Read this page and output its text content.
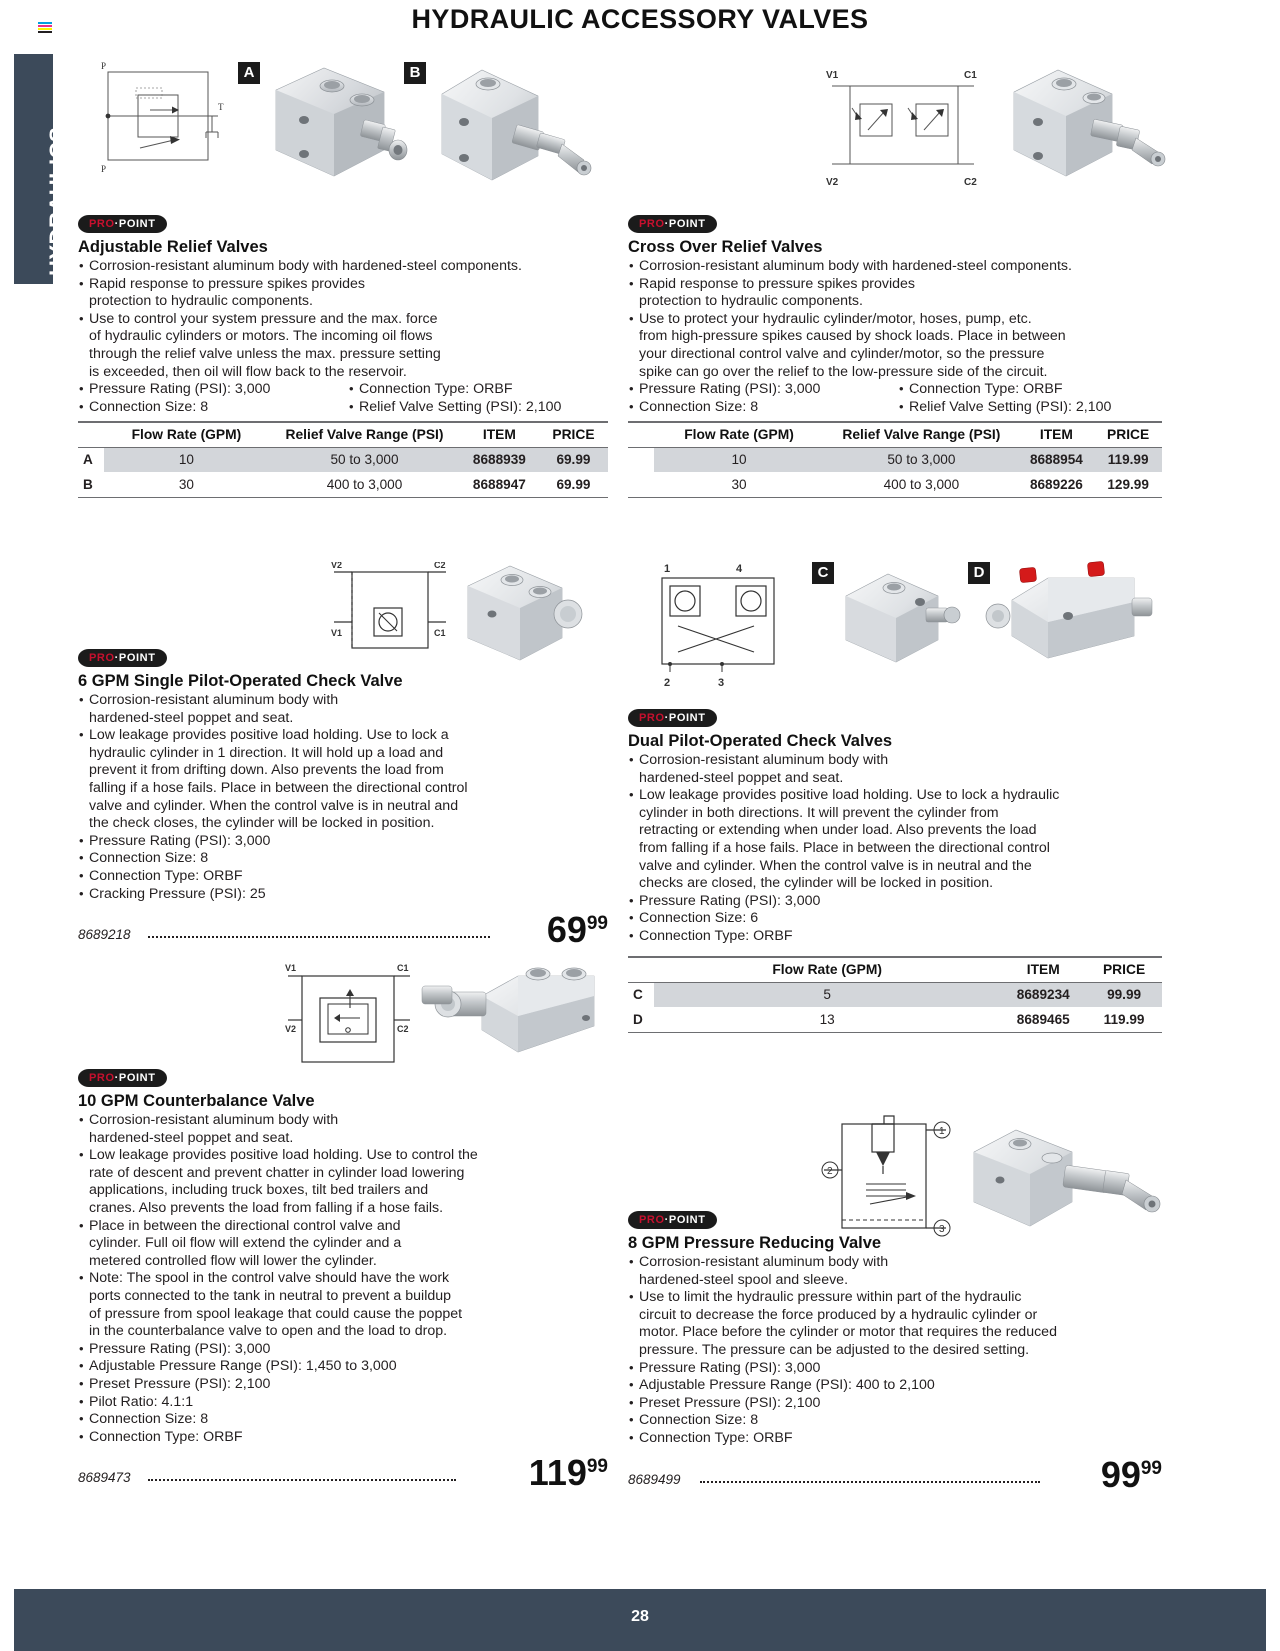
HYDRAULIC ACCESSORY VALVES
HYDRAULICS
P
P
T
A	B
PRO·POINT
Adjustable Relief Valves
• Corrosion-resistant aluminum body with hardened-steel components.
• Rapid response to pressure spikes provides
protection to hydraulic components.
• Use to control your system pressure and the max. force
of hydraulic cylinders or motors. The incoming oil flows
through the relief valve unless the max. pressure setting
is exceeded, then oil will flow back to the reservoir.
• Pressure Rating (PSI): 3,000
• Connection Size: 8
• Connection Type: ORBF
• Relief Valve Setting (PSI): 2,100
	Flow Rate (GPM)	Relief Valve Range (PSI)	ITEM	PRICE
A	10	50 to 3,000	8688939	69.99
B	30	400 to 3,000	8688947	69.99
V1	C1
V2	C2
PRO·POINT
Cross Over Relief Valves
• Corrosion-resistant aluminum body with hardened-steel components.
• Rapid response to pressure spikes provides
protection to hydraulic components.
• Use to protect your hydraulic cylinder/motor, hoses, pump, etc.
from high-pressure spikes caused by shock loads. Place in between
your directional control valve and cylinder/motor, so the pressure
spike can go over the relief to the low-pressure side of the circuit.
• Pressure Rating (PSI): 3,000
• Connection Size: 8
• Connection Type: ORBF
• Relief Valve Setting (PSI): 2,100
	Flow Rate (GPM)	Relief Valve Range (PSI)	ITEM	PRICE
	10	50 to 3,000	8688954	119.99
	30	400 to 3,000	8689226	129.99
V2	C2
V1	C1
PRO·POINT
6 GPM Single Pilot-Operated Check Valve
• Corrosion-resistant aluminum body with
hardened-steel poppet and seat.
• Low leakage provides positive load holding. Use to lock a
hydraulic cylinder in 1 direction. It will hold up a load and
prevent it from drifting down. Also prevents the load from
falling if a hose fails. Place in between the directional control
valve and cylinder. When the control valve is in neutral and
the check closes, the cylinder will be locked in position.
• Pressure Rating (PSI): 3,000
• Connection Size: 8
• Connection Type: ORBF
• Cracking Pressure (PSI): 25
8689218	$69^{99}$
1	4
2	3
C	D
PRO·POINT
Dual Pilot-Operated Check Valves
• Corrosion-resistant aluminum body with
hardened-steel poppet and seat.
• Low leakage provides positive load holding. Use to lock a hydraulic
cylinder in both directions. It will prevent the cylinder from
retracting or extending when under load. Also prevents the load
from falling if a hose fails. Place in between the directional control
valve and cylinder. When the control valve is in neutral and the
checks are closed, the cylinder will be locked in position.
• Pressure Rating (PSI): 3,000
• Connection Size: 6
• Connection Type: ORBF
	Flow Rate (GPM)	ITEM	PRICE
C	5	8689234	99.99
D	13	8689465	119.99
V1	C1
V2	C2
PRO·POINT
10 GPM Counterbalance Valve
• Corrosion-resistant aluminum body with
hardened-steel poppet and seat.
• Low leakage provides positive load holding. Use to control the
rate of descent and prevent chatter in cylinder load lowering
applications, including truck boxes, tilt bed trailers and
cranes. Also prevents the load from falling if a hose fails.
• Place in between the directional control valve and
cylinder. Full oil flow will extend the cylinder and a
metered controlled flow will lower the cylinder.
• Note: The spool in the control valve should have the work
ports connected to the tank in neutral to prevent a buildup
of pressure from spool leakage that could cause the poppet
in the counterbalance valve to open and the load to drop.
• Pressure Rating (PSI): 3,000
• Adjustable Pressure Range (PSI): 1,450 to 3,000
• Preset Pressure (PSI): 2,100
• Pilot Ratio: 4.1:1
• Connection Size: 8
• Connection Type: ORBF
8689473	$119^{99}$
1
2
3
PRO·POINT
8 GPM Pressure Reducing Valve
• Corrosion-resistant aluminum body with
hardened-steel spool and sleeve.
• Use to limit the hydraulic pressure within part of the hydraulic
circuit to decrease the force produced by a hydraulic cylinder or
motor. Place before the cylinder or motor that requires the reduced
pressure. The pressure can be adjusted to the desired setting.
• Pressure Rating (PSI): 3,000
• Adjustable Pressure Range (PSI): 400 to 2,100
• Preset Pressure (PSI): 2,100
• Connection Size: 8
• Connection Type: ORBF
8689499	$99^{99}$
28
